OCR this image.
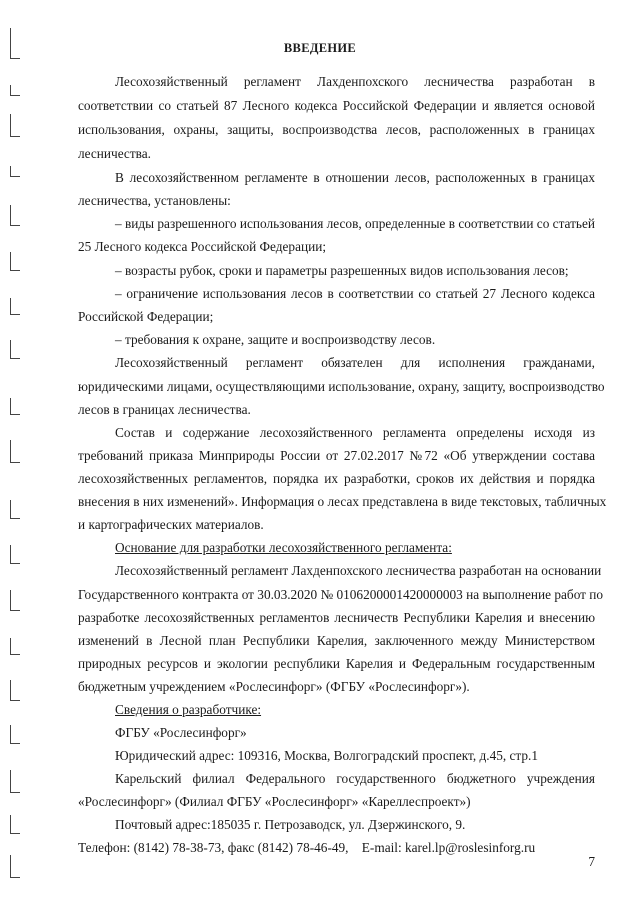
ВВЕДЕНИЕ
Лесохозяйственный регламент Лахденпохского лесничества разработан в
соответствии со статьей 87 Лесного кодекса Российской Федерации и является основой
использования, охраны, защиты, воспроизводства лесов, расположенных в границах
лесничества.
В лесохозяйственном регламенте в отношении лесов, расположенных в границах
лесничества, установлены:
– виды разрешенного использования лесов, определенные в соответствии со статьей
25 Лесного кодекса Российской Федерации;
– возрасты рубок, сроки и параметры разрешенных видов использования лесов;
– ограничение использования лесов в соответствии со статьей 27 Лесного кодекса
Российской Федерации;
– требования к охране, защите и воспроизводству лесов.
Лесохозяйственный регламент обязателен для исполнения гражданами,
юридическими лицами, осуществляющими использование, охрану, защиту, воспроизводство
лесов в границах лесничества.
Состав и содержание лесохозяйственного регламента определены исходя из
требований приказа Минприроды России от 27.02.2017 №72 «Об утверждении состава
лесохозяйственных регламентов, порядка их разработки, сроков их действия и порядка
внесения в них изменений». Информация о лесах представлена в виде текстовых, табличных
и картографических материалов.
Основание для разработки лесохозяйственного регламента:
Лесохозяйственный регламент Лахденпохского лесничества разработан на основании
Государственного контракта от 30.03.2020 № 0106200001420000003 на выполнение работ по
разработке лесохозяйственных регламентов лесничеств Республики Карелия и внесению
изменений в Лесной план Республики Карелия, заключенного между Министерством
природных ресурсов и экологии республики Карелия и Федеральным государственным
бюджетным учреждением «Рослесинфорг» (ФГБУ «Рослесинфорг»).
Сведения о разработчике:
ФГБУ «Рослесинфорг»
Юридический адрес: 109316, Москва, Волгоградский проспект, д.45, стр.1
Карельский филиал Федерального государственного бюджетного учреждения
«Рослесинфорг» (Филиал ФГБУ «Рослесинфорг» «Кареллеспроект»)
Почтовый адрес:185035 г. Петрозаводск, ул. Дзержинского, 9.
Телефон: (8142) 78-38-73, факс (8142) 78-46-49,    E-mail: karel.lp@roslesinforg.ru
7
